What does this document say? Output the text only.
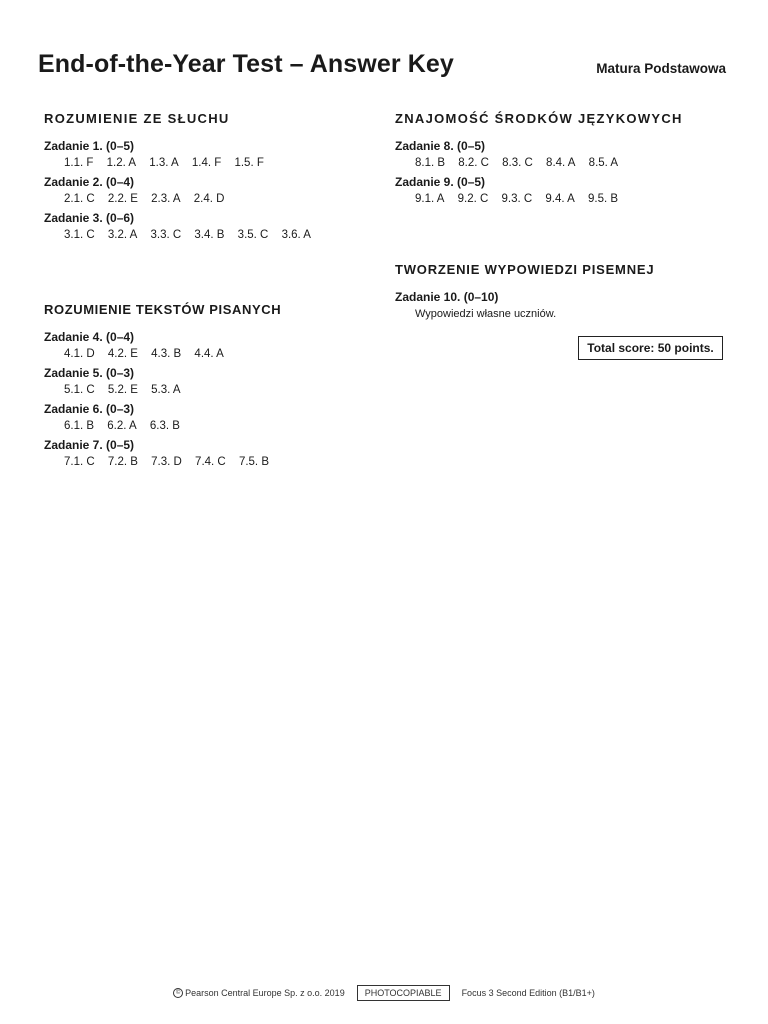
End-of-the-Year Test – Answer Key	Matura Podstawowa
ROZUMIENIE ZE SŁUCHU
Zadanie 1. (0–5)
1.1. F 1.2. A 1.3. A 1.4. F 1.5. F
Zadanie 2. (0–4)
2.1. C 2.2. E 2.3. A 2.4. D
Zadanie 3. (0–6)
3.1. C 3.2. A 3.3. C 3.4. B 3.5. C 3.6. A
ROZUMIENIE TEKSTÓW PISANYCH
Zadanie 4. (0–4)
4.1. D 4.2. E 4.3. B 4.4. A
Zadanie 5. (0–3)
5.1. C 5.2. E 5.3. A
Zadanie 6. (0–3)
6.1. B 6.2. A 6.3. B
Zadanie 7. (0–5)
7.1. C 7.2. B 7.3. D 7.4. C 7.5. B
ZNAJOMOŚĆ ŚRODKÓW JĘZYKOWYCH
Zadanie 8. (0–5)
8.1. B 8.2. C 8.3. C 8.4. A 8.5. A
Zadanie 9. (0–5)
9.1. A 9.2. C 9.3. C 9.4. A 9.5. B
TWORZENIE WYPOWIEDZI PISEMNEJ
Zadanie 10. (0–10)
Wypowiedzi własne uczniów.
Total score: 50 points.
© Pearson Central Europe Sp. z o.o. 2019	PHOTOCOPIABLE	Focus 3 Second Edition (B1/B1+)
